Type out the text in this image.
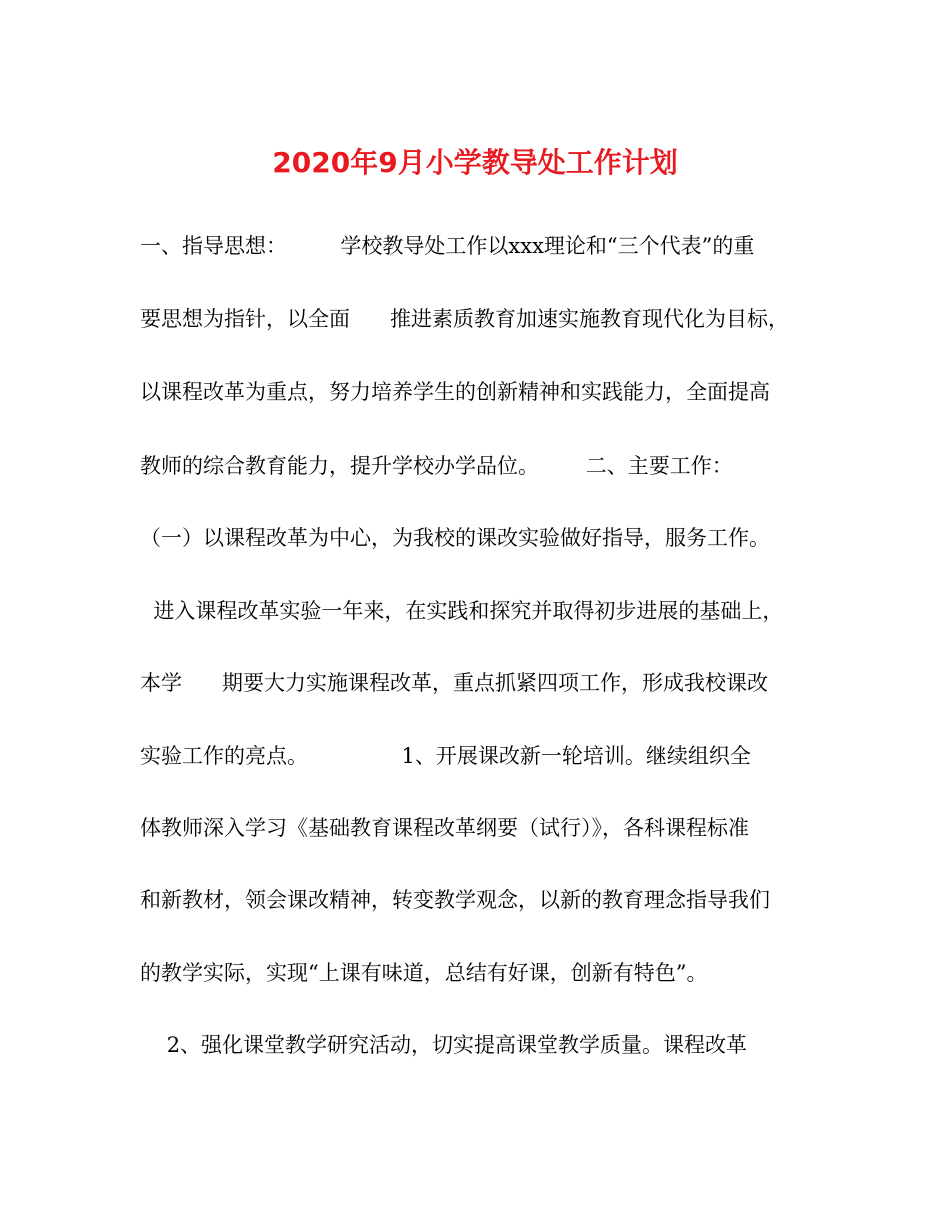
2020年9月小学教导处工作计划

一、指导思想：        学校教导处工作以xxx理论和“三个代表”的重

要思想为指针，以全面      推进素质教育加速实施教育现代化为目标，

以课程改革为重点，努力培养学生的创新精神和实践能力，全面提高

教师的综合教育能力，提升学校办学品位。       二、主要工作：

（一）以课程改革为中心，为我校的课改实验做好指导，服务工作。

进入课程改革实验一年来，在实践和探究并取得初步进展的基础上，

本学      期要大力实施课程改革，重点抓紧四项工作，形成我校课改

实验工作的亮点。              1、开展课改新一轮培训。继续组织全

体教师深入学习《基础教育课程改革纲要（试行）》，各科课程标准

和新教材，领会课改精神，转变教学观念，以新的教育理念指导我们

的教学实际，实现“上课有味道，总结有好课，创新有特色”。

2、强化课堂教学研究活动，切实提高课堂教学质量。课程改革
